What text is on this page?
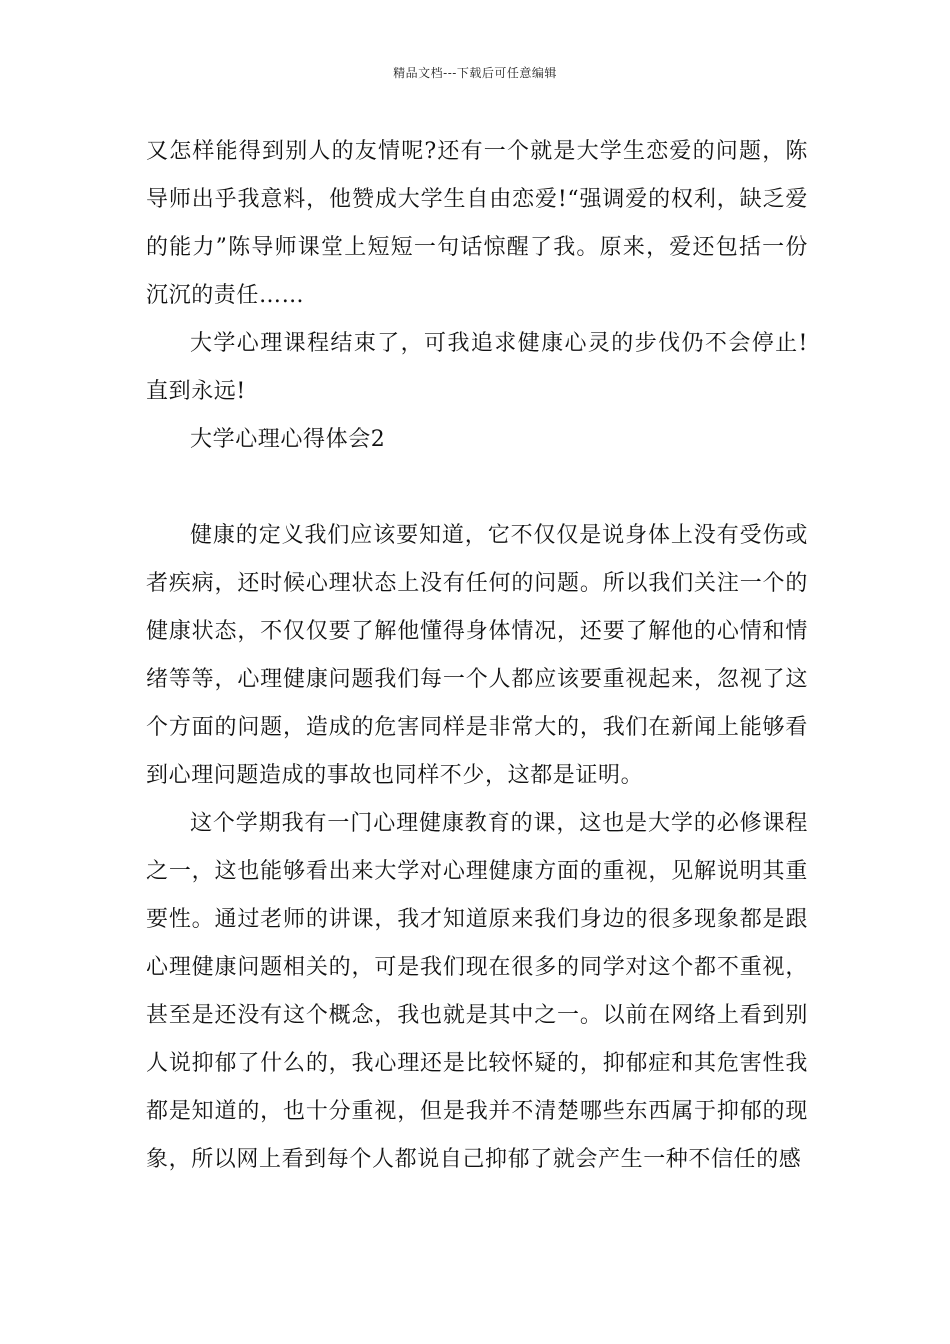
精品文档---下载后可任意编辑

又怎样能得到别人的友情呢?还有一个就是大学生恋爱的问题，陈导师出乎我意料，他赞成大学生自由恋爱!“强调爱的权利，缺乏爱的能力”陈导师课堂上短短一句话惊醒了我。原来，爱还包括一份沉沉的责任……

大学心理课程结束了，可我追求健康心灵的步伐仍不会停止!直到永远!

大学心理心得体会2

健康的定义我们应该要知道，它不仅仅是说身体上没有受伤或者疾病，还时候心理状态上没有任何的问题。所以我们关注一个的健康状态，不仅仅要了解他懂得身体情况，还要了解他的心情和情绪等等，心理健康问题我们每一个人都应该要重视起来，忽视了这个方面的问题，造成的危害同样是非常大的，我们在新闻上能够看到心理问题造成的事故也同样不少，这都是证明。

这个学期我有一门心理健康教育的课，这也是大学的必修课程之一，这也能够看出来大学对心理健康方面的重视，见解说明其重要性。通过老师的讲课，我才知道原来我们身边的很多现象都是跟心理健康问题相关的，可是我们现在很多的同学对这个都不重视，甚至是还没有这个概念，我也就是其中之一。以前在网络上看到别人说抑郁了什么的，我心理还是比较怀疑的，抑郁症和其危害性我都是知道的，也十分重视，但是我并不清楚哪些东西属于抑郁的现象，所以网上看到每个人都说自己抑郁了就会产生一种不信任的感
